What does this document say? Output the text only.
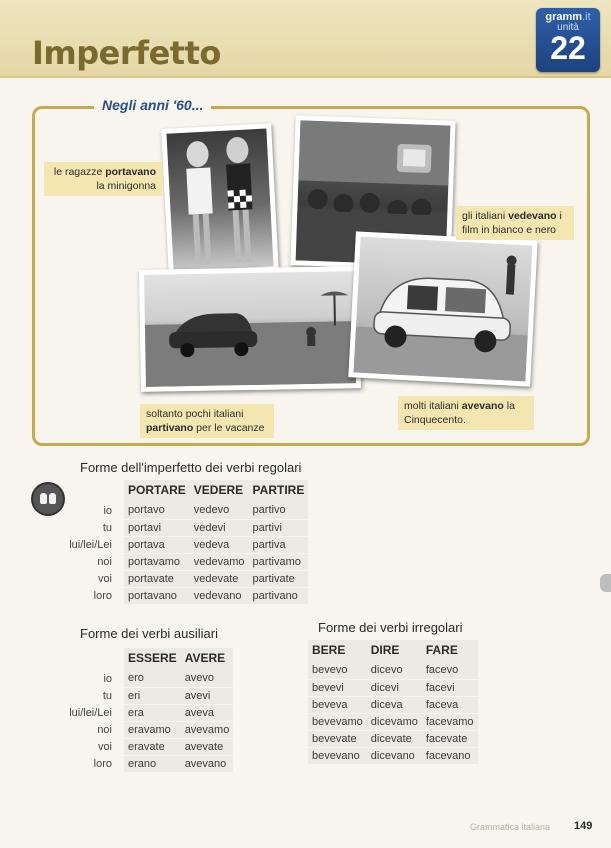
Imperfetto
gramm.it
unità
22
Negli anni '60...
le ragazze portavano la minigonna
gli italiani vedevano i film in bianco e nero
soltanto pochi italiani partivano per le vacanze
molti italiani avevano la Cinquecento.
Forme dell'imperfetto dei verbi regolari
	PORTARE	VEDERE	PARTIRE
io	portavo	vedevo	partivo
tu	portavi	vedevi	partivi
lui/lei/Lei	portava	vedeva	partiva
noi	portavamo	vedevamo	partivamo
voi	portavate	vedevate	partivate
loro	portavano	vedevano	partivano
Forme dei verbi ausiliari
	ESSERE	AVERE
io	ero	avevo
tu	eri	avevi
lui/lei/Lei	era	aveva
noi	eravamo	avevamo
voi	eravate	avevate
loro	erano	avevano
Forme dei verbi irregolari
BERE	DIRE	FARE
bevevo	dicevo	facevo
bevevi	dicevi	facevi
beveva	diceva	faceva
bevevamo	dicevamo	facevamo
bevevate	dicevate	facevate
bevevano	dicevano	facevano
Grammatica italiana 149
